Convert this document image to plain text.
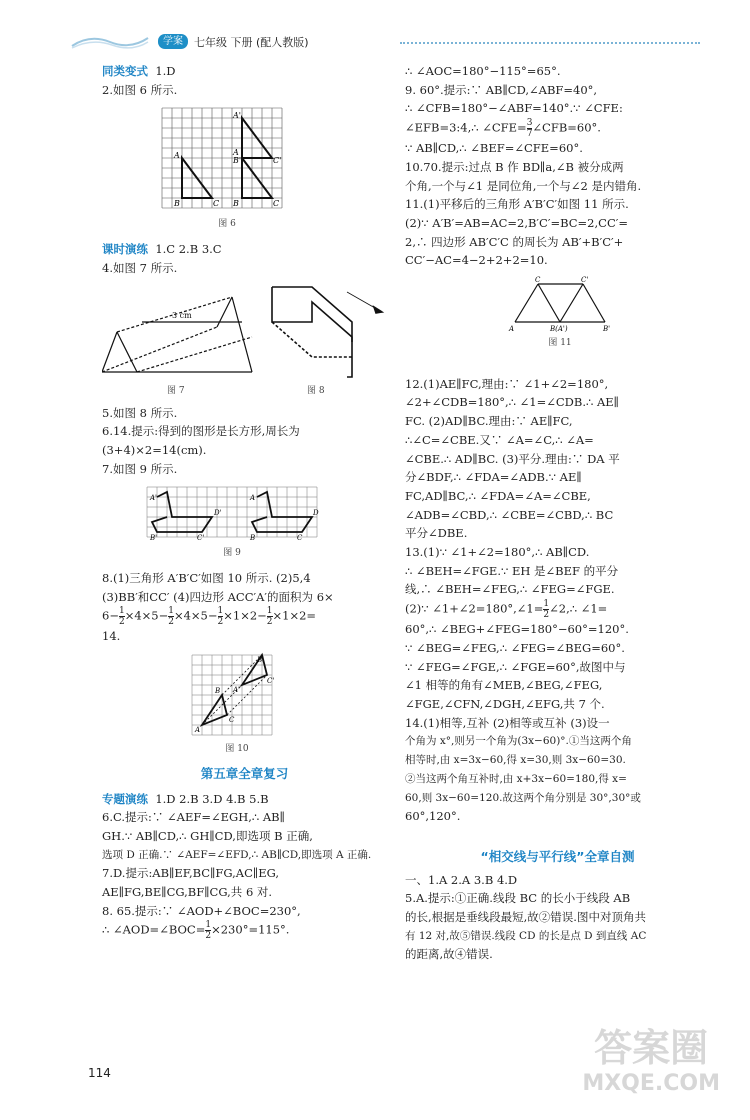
学案	七年级 下册 (配人教版)

同类变式 1.D

2.如图 6 所示.

A
B	C
A'
B'	C'
A
B	C
图 6

课时演练 1.C 2.B 3.C

4.如图 7 所示.

3 cm
图 7	图 8

5.如图 8 所示.

6.14.提示:得到的图形是长方形,周长为

(3+4)×2=14(cm).

7.如图 9 所示.

A'
B'	C'
D'
A
B	C
D
图 9

8.(1)三角形 A′B′C′如图 10 所示. (2)5,4

(3)BB′和CC′ (4)四边形 ACC′A′的面积为 6×

$6- \frac{1}{2} \times 4\times 5- \frac{1}{2} \times 4\times 5- \frac{1}{2} \times 1\times 2- \frac{1}{2} \times 1\times 2=$

14.

A
B
C
A'
B'
C'
图 10
第五章全章复习

专题演练 1.D 2.B 3.D 4.B 5.B

6.C.提示:∵ ∠AEF=∠EGH,∴ AB∥

GH.∵ AB∥CD,∴ GH∥CD,即选项 B 正确,

选项 D 正确.∵ ∠AEF=∠EFD,∴ AB∥CD,即选项 A 正确.

7.D.提示:AB∥EF,BC∥FG,AC∥EG,

AE∥FG,BE∥CG,BF∥CG,共 6 对.

8. 65.提示:∵ ∠AOD+∠BOC=230°,

∴ ∠AOD=∠BOC= $\frac{1}{2} \times 230^\circ=115^\circ$.

∴ ∠AOC=180°−115°=65°.

9. 60°.提示:∵ AB∥CD,∠ABF=40°,

∴ ∠CFB=180°−∠ABF=140°.∵ ∠CFE:

∠EFB=3:4,∴ ∠CFE= $\frac{3}{7}$ ∠CFB=60°.

∵ AB∥CD,∴ ∠BEF=∠CFE=60°.

10.70.提示:过点 B 作 BD∥a,∠B 被分成两

个角,一个与∠1 是同位角,一个与∠2 是内错角.

11.(1)平移后的三角形 A′B′C′如图 11 所示.

(2)∵ A′B′=AB=AC=2,B′C′=BC=2,CC′=

2,∴ 四边形 AB′C′C 的周长为 AB′+B′C′+

CC′−AC=4−2+2+2=10.

C	C'
A	B(A')	B'
图 11

12.(1)AE∥FC,理由:∵ ∠1+∠2=180°,

∠2+∠CDB=180°,∴ ∠1=∠CDB.∴ AE∥

FC. (2)AD∥BC.理由:∵ AE∥FC,

∴∠C=∠CBE.又∵ ∠A=∠C,∴ ∠A=

∠CBE.∴ AD∥BC. (3)平分.理由:∵ DA 平

分∠BDF,∴ ∠FDA=∠ADB.∵ AE∥

FC,AD∥BC,∴ ∠FDA=∠A=∠CBE,

∠ADB=∠CBD,∴ ∠CBE=∠CBD,∴ BC

平分∠DBE.

13.(1)∵ ∠1+∠2=180°,∴ AB∥CD.

∴ ∠BEH=∠FGE.∵ EH 是∠BEF 的平分

线,∴ ∠BEH=∠FEG,∴ ∠FEG=∠FGE.

(2)∵ ∠1+∠2=180°,∠1= $\frac{1}{2}$ ∠2,∴ ∠1=

60°,∴ ∠BEG+∠FEG=180°−60°=120°.

∵ ∠BEG=∠FEG,∴ ∠FEG=∠BEG=60°.

∵ ∠FEG=∠FGE,∴ ∠FGE=60°,故图中与

∠1 相等的角有∠MEB,∠BEG,∠FEG,

∠FGE,∠CFN,∠DGH,∠EFG,共 7 个.

14.(1)相等,互补 (2)相等或互补 (3)设一

个角为 x°,则另一个角为(3x−60)°.①当这两个角

相等时,由 x=3x−60,得 x=30,则 3x−60=30.

②当这两个角互补时,由 x+3x−60=180,得 x=

60,则 3x−60=120.故这两个角分别是 30°,30°或

60°,120°.

“相交线与平行线”全章自测

一、1.A 2.A 3.B 4.D

5.A.提示:①正确.线段 BC 的长小于线段 AB

的长,根据是垂线段最短,故②错误.图中对顶角共

有 12 对,故⑤错误.线段 CD 的长是点 D 到直线 AC

的距离,故④错误.

114
答案圈
MXQE.COM
